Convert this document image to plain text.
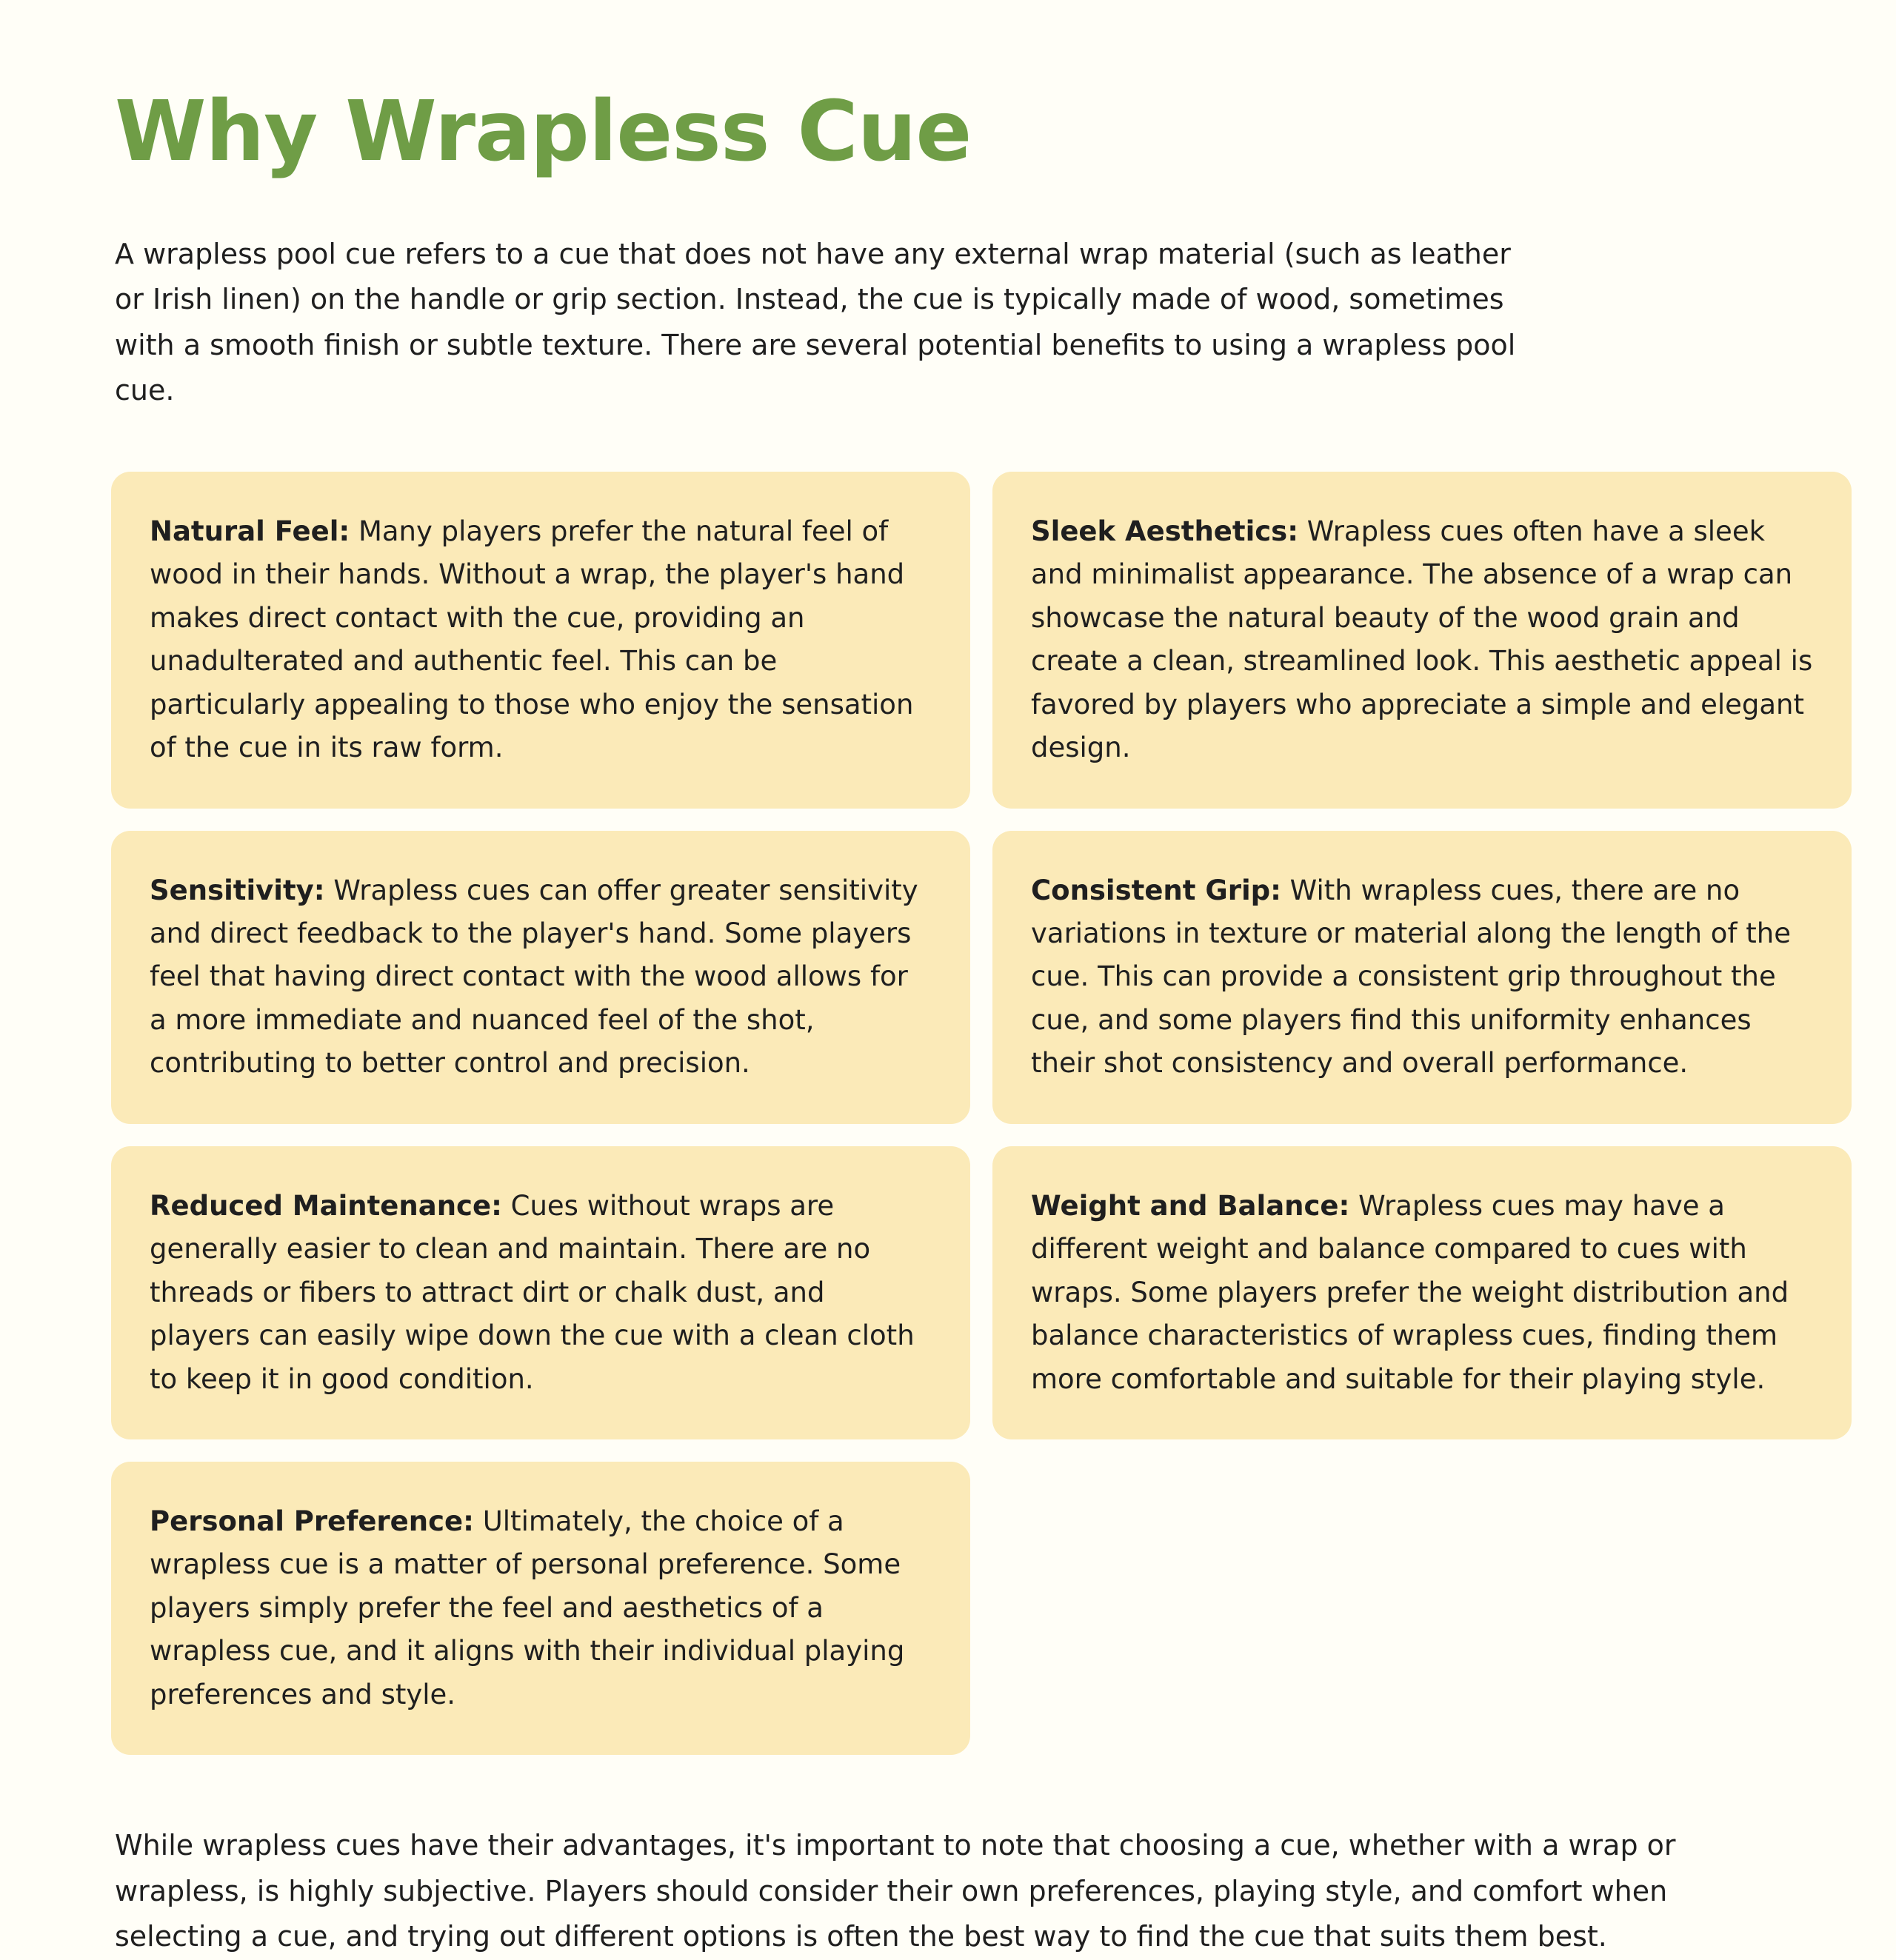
Why Wrapless Cue

A wrapless pool cue refers to a cue that does not have any external wrap material (such as leather or Irish linen) on the handle or grip section. Instead, the cue is typically made of wood, sometimes with a smooth finish or subtle texture. There are several potential benefits to using a wrapless pool cue.

Natural Feel: Many players prefer the natural feel of wood in their hands. Without a wrap, the player's hand makes direct contact with the cue, providing an unadulterated and authentic feel. This can be particularly appealing to those who enjoy the sensation of the cue in its raw form.

Sleek Aesthetics: Wrapless cues often have a sleek and minimalist appearance. The absence of a wrap can showcase the natural beauty of the wood grain and create a clean, streamlined look. This aesthetic appeal is favored by players who appreciate a simple and elegant design.

Sensitivity: Wrapless cues can offer greater sensitivity and direct feedback to the player's hand. Some players feel that having direct contact with the wood allows for a more immediate and nuanced feel of the shot, contributing to better control and precision.

Consistent Grip: With wrapless cues, there are no variations in texture or material along the length of the cue. This can provide a consistent grip throughout the cue, and some players find this uniformity enhances their shot consistency and overall performance.

Reduced Maintenance: Cues without wraps are generally easier to clean and maintain. There are no threads or fibers to attract dirt or chalk dust, and players can easily wipe down the cue with a clean cloth to keep it in good condition.

Weight and Balance: Wrapless cues may have a different weight and balance compared to cues with wraps. Some players prefer the weight distribution and balance characteristics of wrapless cues, finding them more comfortable and suitable for their playing style.

Personal Preference: Ultimately, the choice of a wrapless cue is a matter of personal preference. Some players simply prefer the feel and aesthetics of a wrapless cue, and it aligns with their individual playing preferences and style.

While wrapless cues have their advantages, it's important to note that choosing a cue, whether with a wrap or wrapless, is highly subjective. Players should consider their own preferences, playing style, and comfort when selecting a cue, and trying out different options is often the best way to find the cue that suits them best.
